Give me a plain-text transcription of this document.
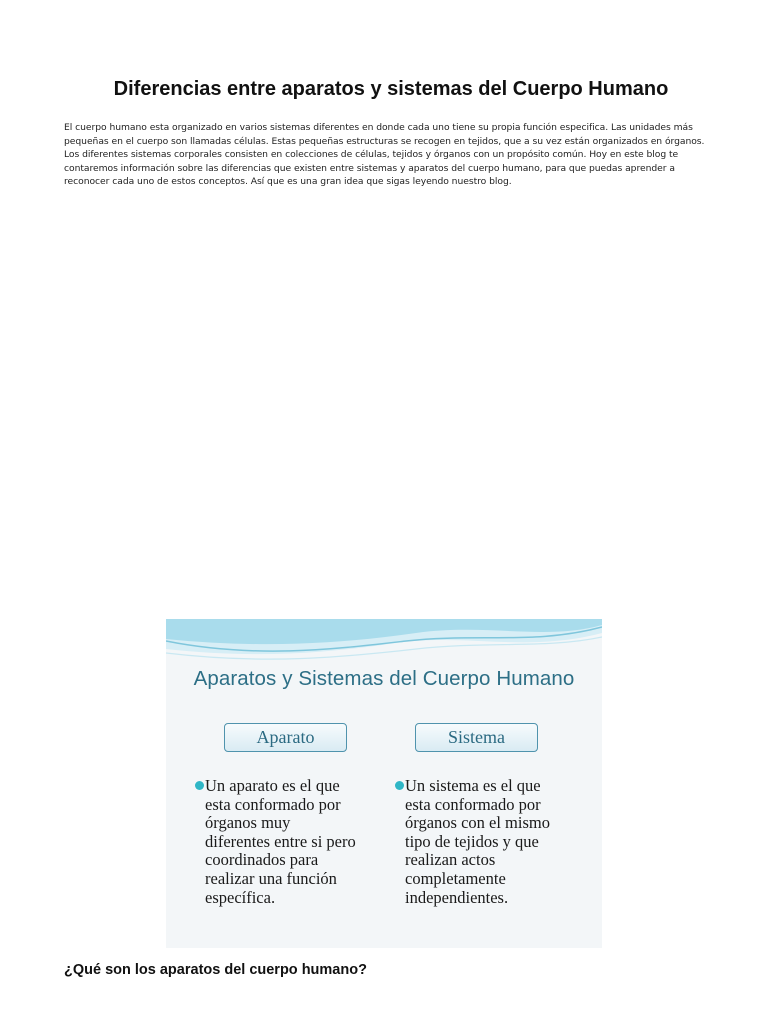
Diferencias entre aparatos y sistemas del Cuerpo Humano

El cuerpo humano esta organizado en varios sistemas diferentes en donde cada uno tiene su propia función especifica. Las unidades más pequeñas en el cuerpo son llamadas células. Estas pequeñas estructuras se recogen en tejidos, que a su vez están organizados en órganos. Los diferentes sistemas corporales consisten en colecciones de células, tejidos y órganos con un propósito común. Hoy en este blog te contaremos información sobre las diferencias que existen entre sistemas y aparatos del cuerpo humano, para que puedas aprender a reconocer cada uno de estos conceptos. Así que es una gran idea que sigas leyendo nuestro blog.

Aparatos y Sistemas del Cuerpo Humano
Aparato	Sistema
Un aparato es el que
esta conformado por
órganos muy
diferentes entre si pero
coordinados para
realizar una función
específica.
Un sistema es el que
esta conformado por
órganos con el mismo
tipo de tejidos y que
realizan actos
completamente
independientes.
¿Qué son los aparatos del cuerpo humano?
